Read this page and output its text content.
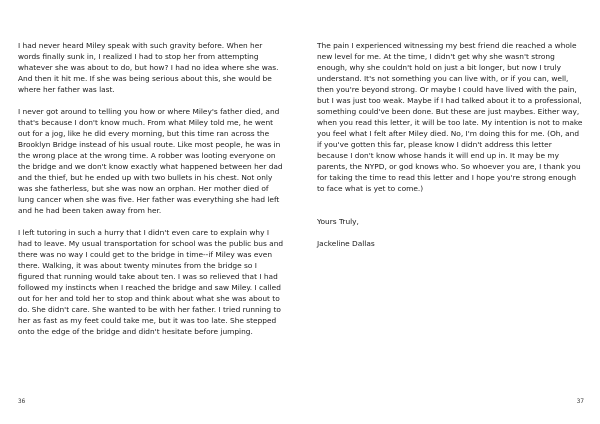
I had never heard Miley speak with such gravity before. When her words finally sunk in, I realized I had to stop her from attempting whatever she was about to do, but how? I had no idea where she was. And then it hit me. If she was being serious about this, she would be where her father was last.

I never got around to telling you how or where Miley's father died, and that's because I don't know much. From what Miley told me, he went out for a jog, like he did every morning, but this time ran across the Brooklyn Bridge instead of his usual route. Like most people, he was in the wrong place at the wrong time. A robber was looting everyone on the bridge and we don't know exactly what happened between her dad and the thief, but he ended up with two bullets in his chest. Not only was she fatherless, but she was now an orphan. Her mother died of lung cancer when she was five. Her father was everything she had left and he had been taken away from her.

I left tutoring in such a hurry that I didn't even care to explain why I had to leave. My usual transportation for school was the public bus and there was no way I could get to the bridge in time--if Miley was even there. Walking, it was about twenty minutes from the bridge so I figured that running would take about ten. I was so relieved that I had followed my instincts when I reached the bridge and saw Miley. I called out for her and told her to stop and think about what she was about to do. She didn't care. She wanted to be with her father. I tried running to her as fast as my feet could take me, but it was too late. She stepped onto the edge of the bridge and didn't hesitate before jumping.

36

The pain I experienced witnessing my best friend die reached a whole new level for me. At the time, I didn't get why she wasn't strong enough, why she couldn't hold on just a bit longer, but now I truly understand. It's not something you can live with, or if you can, well, then you're beyond strong. Or maybe I could have lived with the pain, but I was just too weak. Maybe if I had talked about it to a professional, something could've been done. But these are just maybes. Either way, when you read this letter, it will be too late. My intention is not to make you feel what I felt after Miley died. No, I'm doing this for me. (Oh, and if you've gotten this far, please know I didn't address this letter because I don't know whose hands it will end up in. It may be my parents, the NYPD, or god knows who. So whoever you are, I thank you for taking the time to read this letter and I hope you're strong enough to face what is yet to come.)

Yours Truly,

Jackeline Dallas

37
